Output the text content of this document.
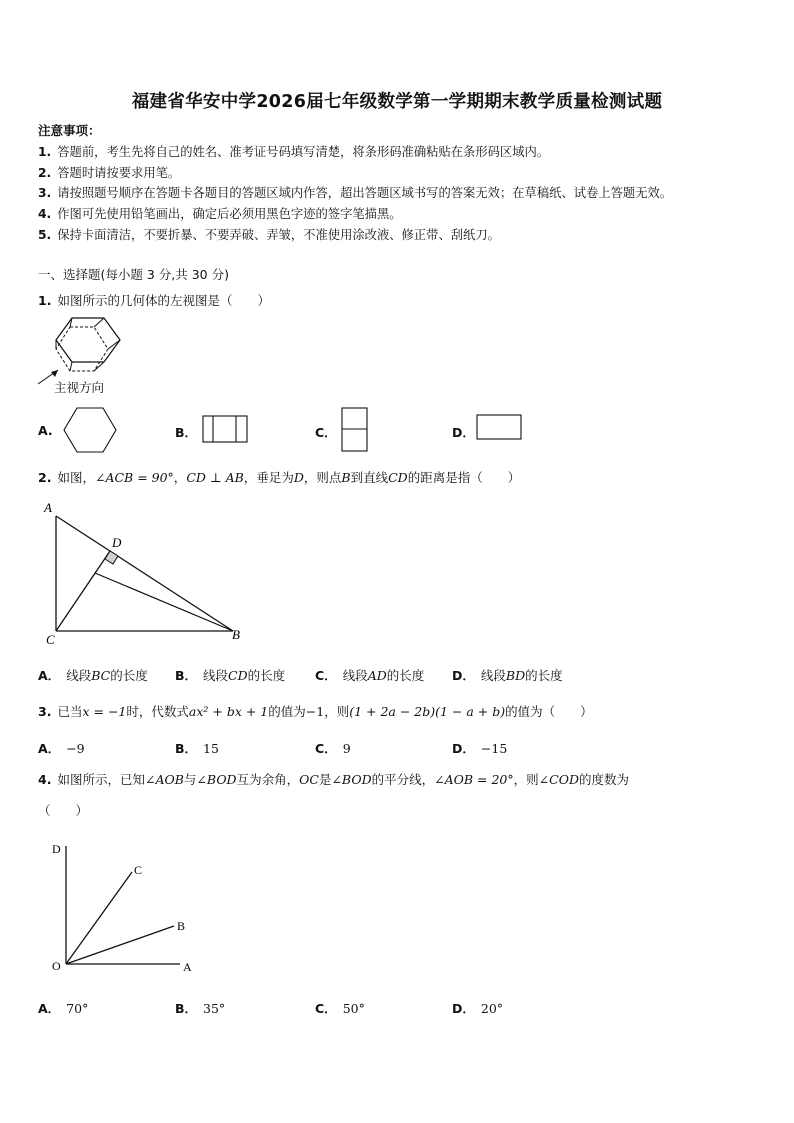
福建省华安中学2026届七年级数学第一学期期末教学质量检测试题
注意事项：
1. 答题前，考生先将自己的姓名、准考证号码填写清楚，将条形码准确粘贴在条形码区域内。
2. 答题时请按要求用笔。
3. 请按照题号顺序在答题卡各题目的答题区域内作答，超出答题区域书写的答案无效；在草稿纸、试卷上答题无效。
4. 作图可先使用铅笔画出，确定后必须用黑色字迹的签字笔描黑。
5. 保持卡面清洁，不要折暴、不要弄破、弄皱，不准使用涂改液、修正带、刮纸刀。
一、选择题(每小题 3 分,共 30 分)
1. 如图所示的几何体的左视图是（　　）
主视方向
A.	B．	C．	D．
2. 如图，∠ACB = 90°，CD ⊥ AB，垂足为D，则点B到直线CD的距离是指（　　）
A
D
C	B
A． 线段BC的长度 B． 线段CD的长度 C． 线段AD的长度 D． 线段BD的长度
3. 已当x = −1时，代数式ax² + bx + 1的值为−1，则(1 + 2a − 2b)(1 − a + b)的值为（　　）
A． −9	B． 15	C． 9	D． −15
4. 如图所示，已知∠AOB与∠BOD互为余角，OC是∠BOD的平分线，∠AOB = 20°，则∠COD的度数为
（　　）
D
C
B
O	A
A． 70°	B． 35°	C． 50°	D． 20°
